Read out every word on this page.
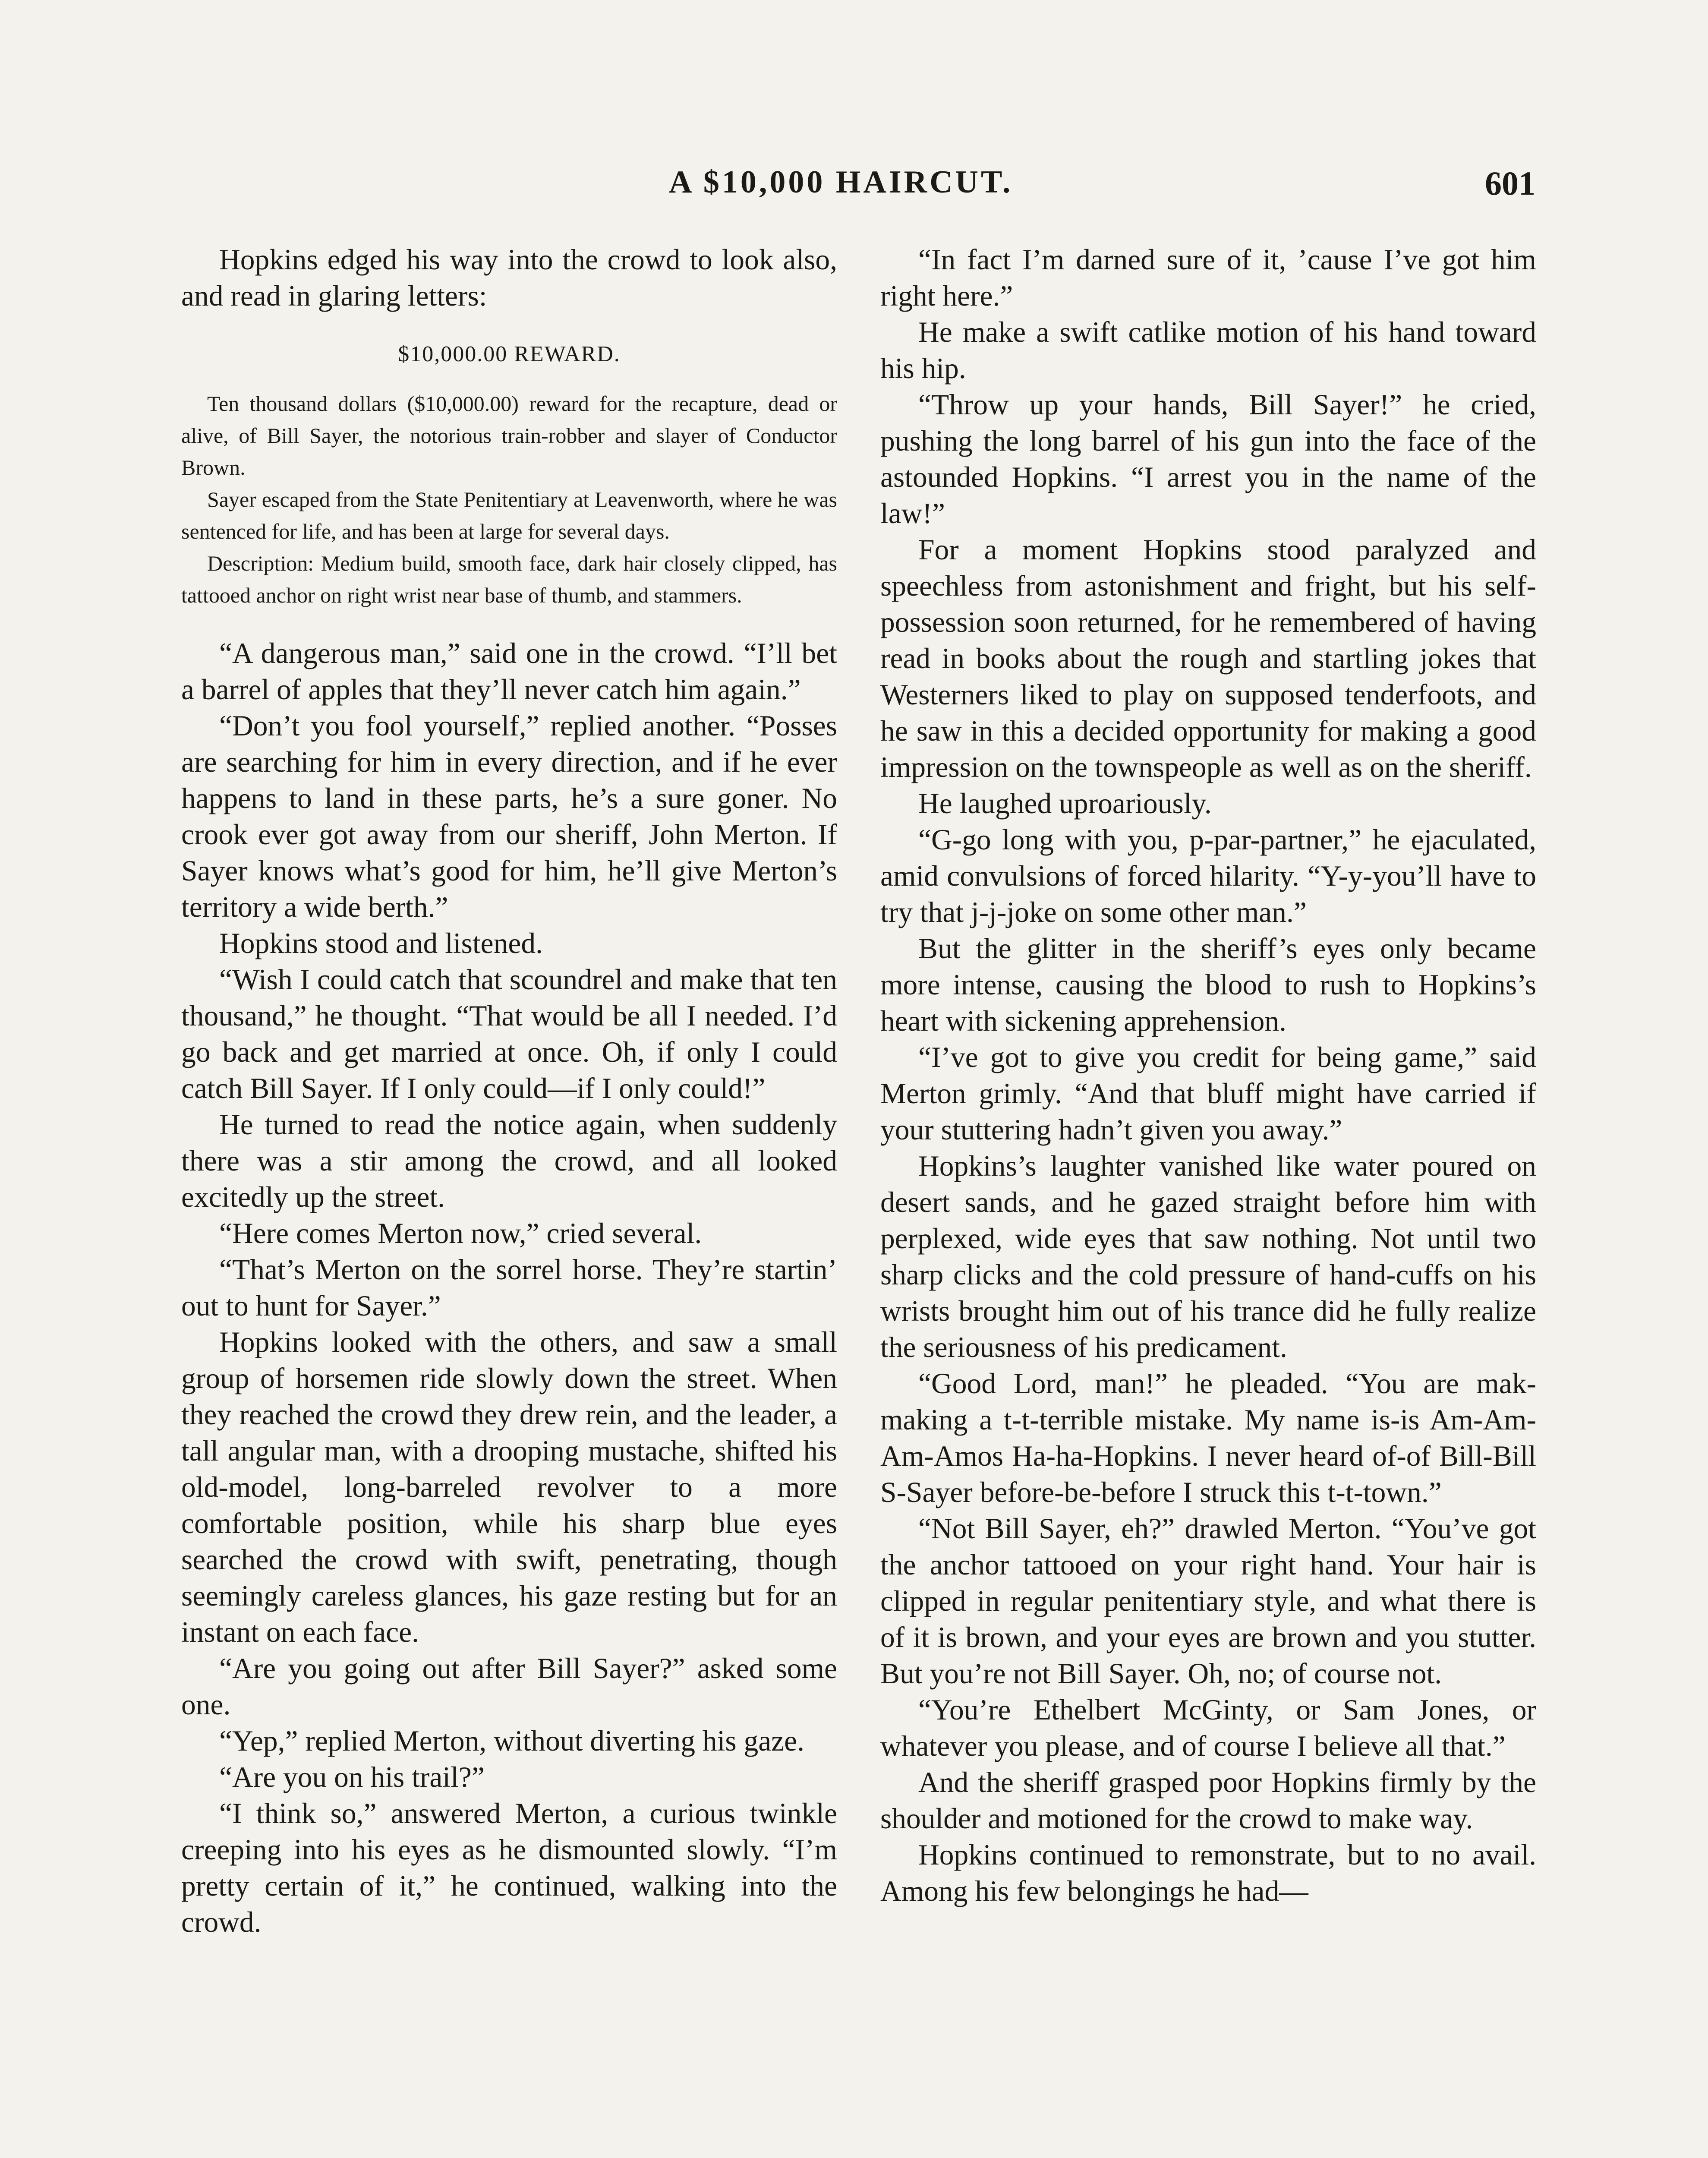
A $10,000 HAIRCUT.	601

Hopkins edged his way into the crowd to look also, and read in glaring letters:

$10,000.00 REWARD.

Ten thousand dollars ($10,000.00) reward for the recapture, dead or alive, of Bill Sayer, the notorious train-robber and slayer of Conductor Brown.

Sayer escaped from the State Penitentiary at Leavenworth, where he was sentenced for life, and has been at large for several days.

Description: Medium build, smooth face, dark hair closely clipped, has tattooed anchor on right wrist near base of thumb, and stammers.

“A dangerous man,” said one in the crowd. “I’ll bet a barrel of apples that they’ll never catch him again.”

“Don’t you fool yourself,” replied another. “Posses are searching for him in every direction, and if he ever happens to land in these parts, he’s a sure goner. No crook ever got away from our sheriff, John Merton. If Sayer knows what’s good for him, he’ll give Merton’s territory a wide berth.”

Hopkins stood and listened.

“Wish I could catch that scoundrel and make that ten thousand,” he thought. “That would be all I needed. I’d go back and get married at once. Oh, if only I could catch Bill Sayer. If I only could—if I only could!”

He turned to read the notice again, when suddenly there was a stir among the crowd, and all looked excitedly up the street.

“Here comes Merton now,” cried several.

“That’s Merton on the sorrel horse. They’re startin’ out to hunt for Sayer.”

Hopkins looked with the others, and saw a small group of horsemen ride slowly down the street. When they reached the crowd they drew rein, and the leader, a tall angular man, with a drooping mustache, shifted his old-model, long-barreled revolver to a more comfortable position, while his sharp blue eyes searched the crowd with swift, penetrating, though seemingly careless glances, his gaze resting but for an instant on each face.

“Are you going out after Bill Sayer?” asked some one.

“Yep,” replied Merton, without diverting his gaze.

“Are you on his trail?”

“I think so,” answered Merton, a curious twinkle creeping into his eyes as he dismounted slowly. “I’m pretty certain of it,” he continued, walking into the crowd.

“In fact I’m darned sure of it, ’cause I’ve got him right here.”

He make a swift catlike motion of his hand toward his hip.

“Throw up your hands, Bill Sayer!” he cried, pushing the long barrel of his gun into the face of the astounded Hopkins. “I arrest you in the name of the law!”

For a moment Hopkins stood paralyzed and speechless from astonishment and fright, but his self-possession soon returned, for he remembered of having read in books about the rough and startling jokes that Westerners liked to play on supposed tenderfoots, and he saw in this a decided opportunity for making a good impression on the townspeople as well as on the sheriff.

He laughed uproariously.

“G-go long with you, p-par-partner,” he ejaculated, amid convulsions of forced hilarity. “Y-y-you’ll have to try that j-j-joke on some other man.”

But the glitter in the sheriff’s eyes only became more intense, causing the blood to rush to Hopkins’s heart with sickening apprehension.

“I’ve got to give you credit for being game,” said Merton grimly. “And that bluff might have carried if your stuttering hadn’t given you away.”

Hopkins’s laughter vanished like water poured on desert sands, and he gazed straight before him with perplexed, wide eyes that saw nothing. Not until two sharp clicks and the cold pressure of hand-cuffs on his wrists brought him out of his trance did he fully realize the seriousness of his predicament.

“Good Lord, man!” he pleaded. “You are mak-making a t-t-terrible mistake. My name is-is Am-Am-Am-Amos Ha-ha-Hopkins. I never heard of-of Bill-Bill S-Sayer before-be-before I struck this t-t-town.”

“Not Bill Sayer, eh?” drawled Merton. “You’ve got the anchor tattooed on your right hand. Your hair is clipped in regular penitentiary style, and what there is of it is brown, and your eyes are brown and you stutter. But you’re not Bill Sayer. Oh, no; of course not.

“You’re Ethelbert McGinty, or Sam Jones, or whatever you please, and of course I believe all that.”

And the sheriff grasped poor Hopkins firmly by the shoulder and motioned for the crowd to make way.

Hopkins continued to remonstrate, but to no avail. Among his few belongings he had—
